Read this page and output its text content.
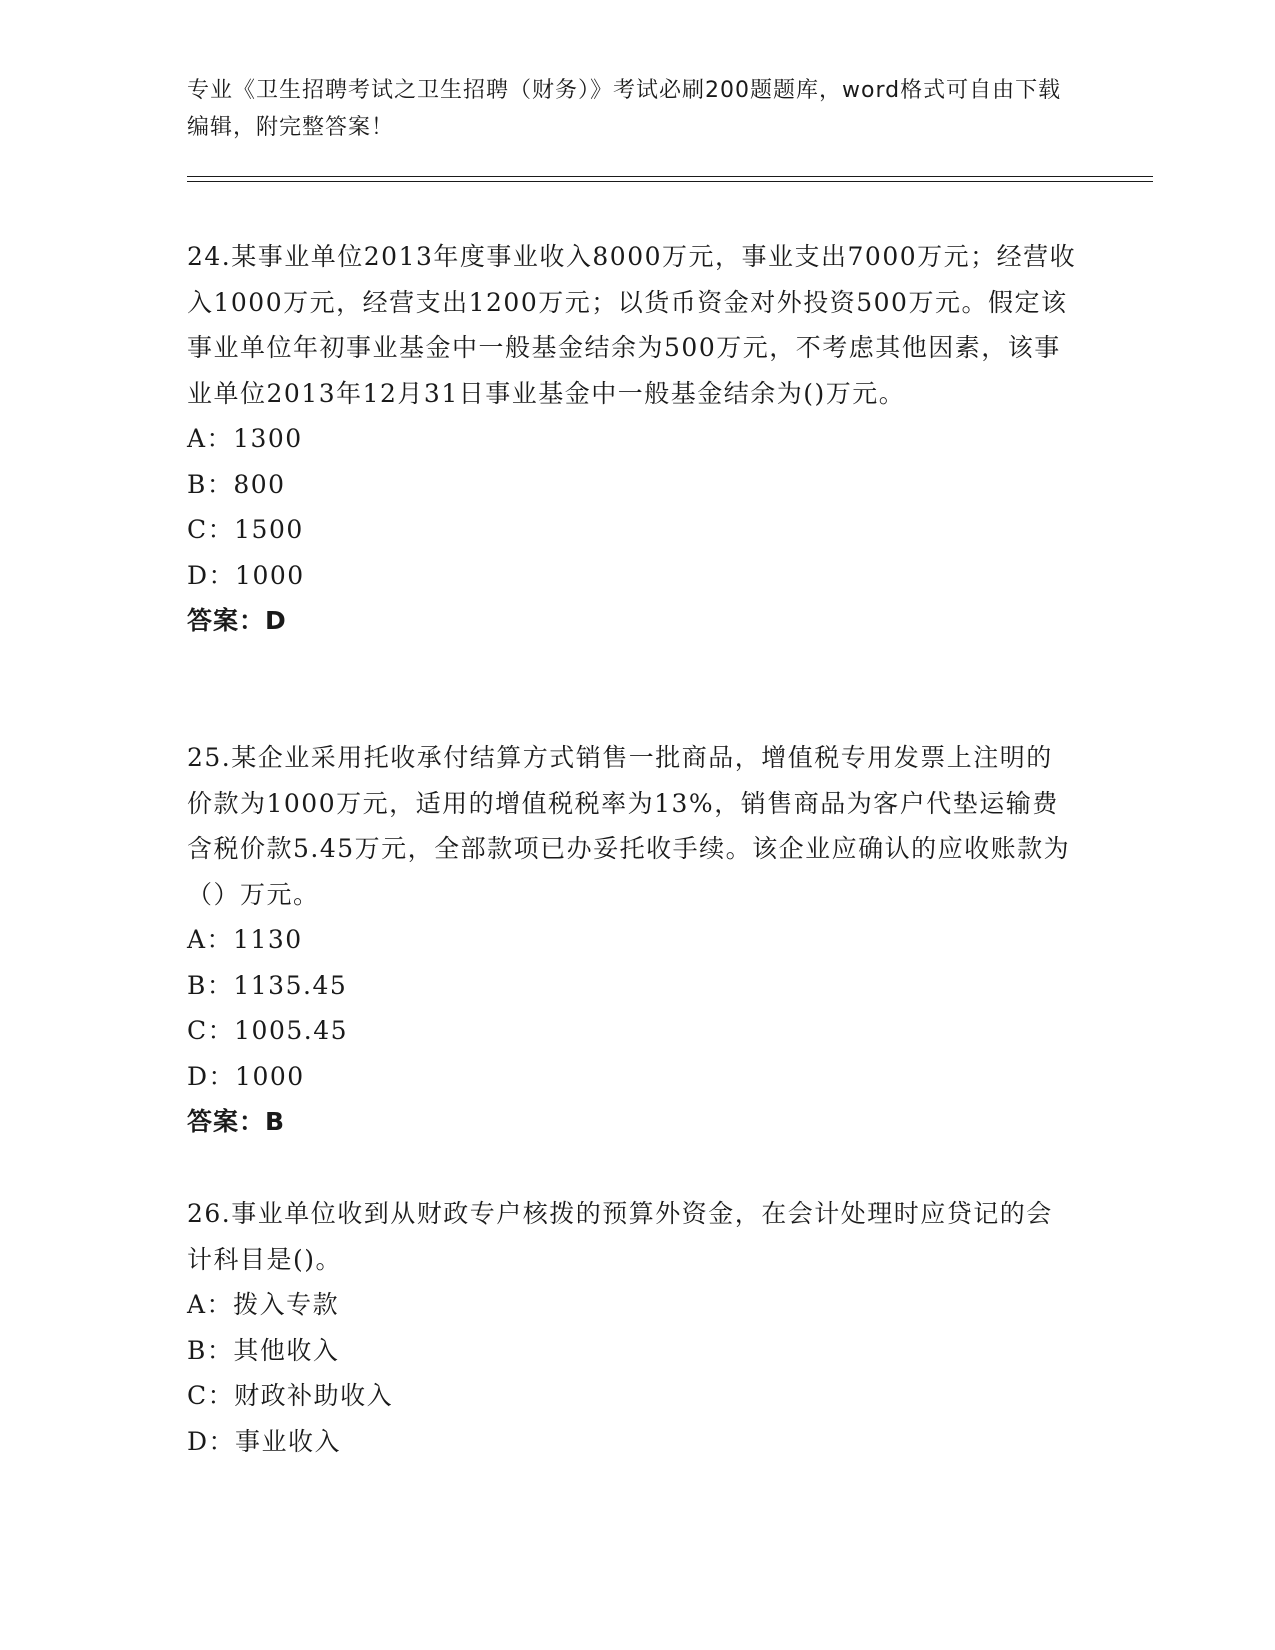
专业《卫生招聘考试之卫生招聘（财务）》考试必刷200题题库，word格式可自由下载编辑，附完整答案！

24.某事业单位2013年度事业收入8000万元，事业支出7000万元；经营收入1000万元，经营支出1200万元；以货币资金对外投资500万元。假定该事业单位年初事业基金中一般基金结余为500万元，不考虑其他因素，该事业单位2013年12月31日事业基金中一般基金结余为()万元。

A：1300

B：800

C：1500

D：1000

答案：D

25.某企业采用托收承付结算方式销售一批商品，增值税专用发票上注明的价款为1000万元，适用的增值税税率为13%，销售商品为客户代垫运输费含税价款5.45万元，全部款项已办妥托收手续。该企业应确认的应收账款为（）万元。

A：1130

B：1135.45

C：1005.45

D：1000

答案：B

26.事业单位收到从财政专户核拨的预算外资金，在会计处理时应贷记的会计科目是()。

A：拨入专款

B：其他收入

C：财政补助收入

D：事业收入
